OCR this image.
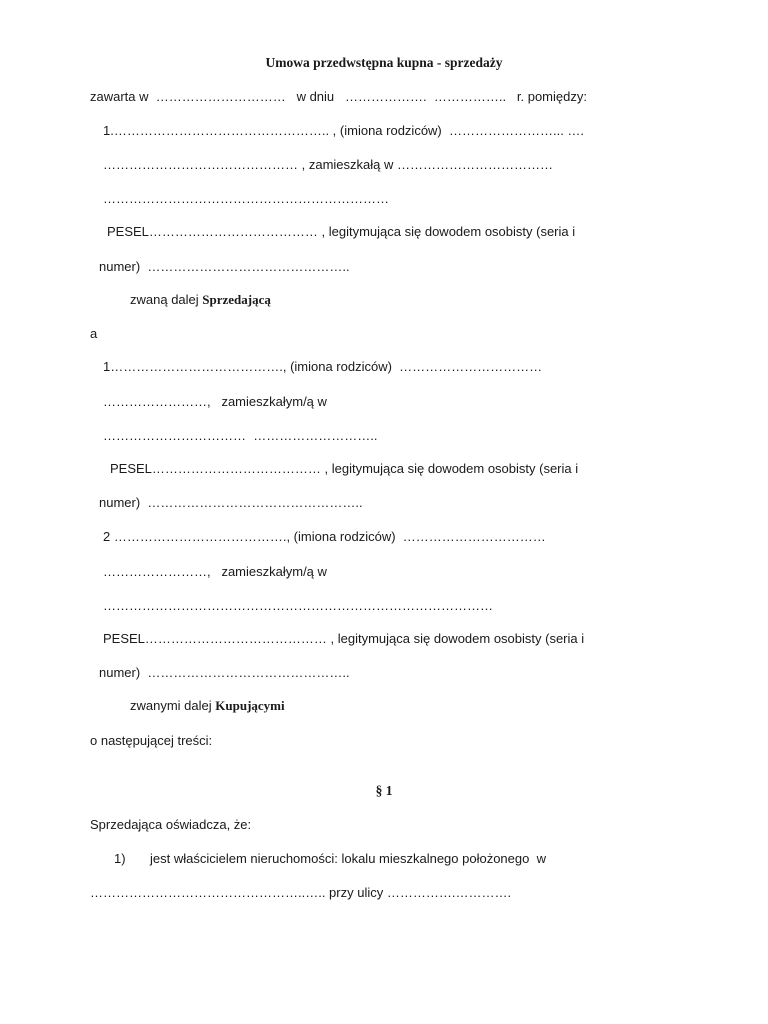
Umowa przedwstępna kupna - sprzedaży
zawarta w  …………………………   w dniu   ……………….  ……………..   r. pomiędzy:
1.………………………………………….. , (imiona rodziców)  ……………………... ….
……………………………………… , zamieszkałą w ………………………………
…………………………………………………………
PESEL………………………………… , legitymująca się dowodem osobisty (seria i
numer)  ………………………………………..
zwaną dalej Sprzedającą
a
1…………………………………., (imiona rodziców)  ……………………………
……………………,   zamieszkałym/ą w
……………………………  ………………………..
PESEL………………………………… , legitymująca się dowodem osobisty (seria i
numer)  …………………………………………..
2 …………………………………., (imiona rodziców)  ……………………………
……………………,   zamieszkałym/ą w
………………………………………………………………………………
PESEL…………………………………… , legitymująca się dowodem osobisty (seria i
numer)  ………………………………………..
zwanymi dalej Kupującymi
o następującej treści:
§ 1
Sprzedająca oświadcza, że:
1) jest właścicielem nieruchomości: lokalu mieszkalnego położonego  w
…………………………………………..….. przy ulicy …………….………….
